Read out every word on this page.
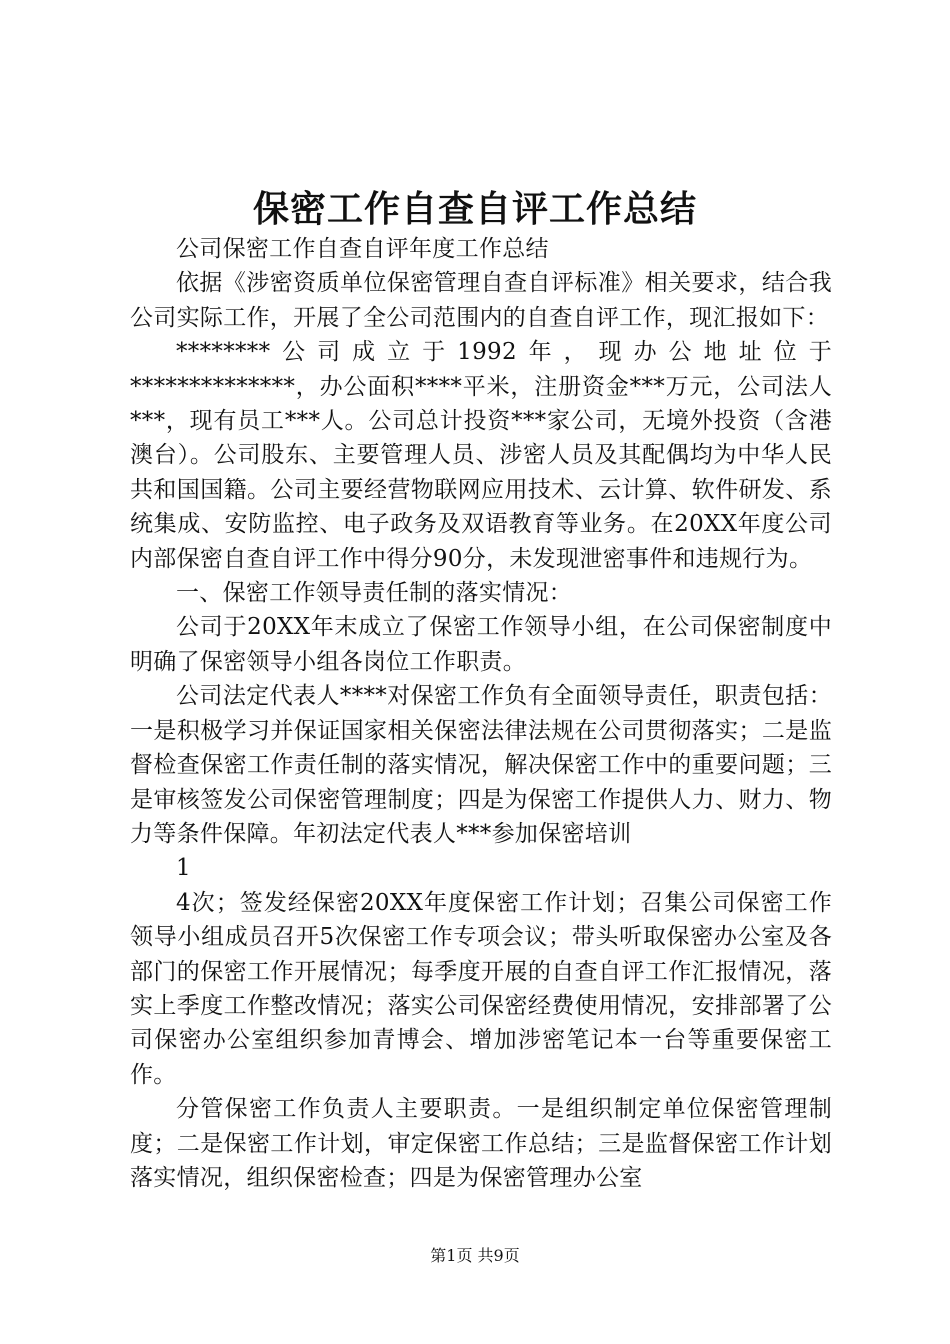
保密工作自查自评工作总结

公司保密工作自查自评年度工作总结

依据《涉密资质单位保密管理自查自评标准》相关要求，结合我公司实际工作，开展了全公司范围内的自查自评工作，现汇报如下：

********公司成立于1992年，现办公地址位于**************，办公面积****平米，注册资金***万元，公司法人***，现有员工***人。公司总计投资***家公司，无境外投资（含港澳台）。公司股东、主要管理人员、涉密人员及其配偶均为中华人民共和国国籍。公司主要经营物联网应用技术、云计算、软件研发、系统集成、安防监控、电子政务及双语教育等业务。在20XX年度公司内部保密自查自评工作中得分90分，未发现泄密事件和违规行为。

一、保密工作领导责任制的落实情况：

公司于20XX年末成立了保密工作领导小组，在公司保密制度中明确了保密领导小组各岗位工作职责。

公司法定代表人****对保密工作负有全面领导责任，职责包括：一是积极学习并保证国家相关保密法律法规在公司贯彻落实；二是监督检查保密工作责任制的落实情况，解决保密工作中的重要问题；三是审核签发公司保密管理制度；四是为保密工作提供人力、财力、物力等条件保障。年初法定代表人***参加保密培训

1

4次；签发经保密20XX年度保密工作计划；召集公司保密工作领导小组成员召开5次保密工作专项会议；带头听取保密办公室及各部门的保密工作开展情况；每季度开展的自查自评工作汇报情况，落实上季度工作整改情况；落实公司保密经费使用情况，安排部署了公司保密办公室组织参加青博会、增加涉密笔记本一台等重要保密工作。

分管保密工作负责人主要职责。一是组织制定单位保密管理制度；二是保密工作计划，审定保密工作总结；三是监督保密工作计划落实情况，组织保密检查；四是为保密管理办公室

第1页 共9页
